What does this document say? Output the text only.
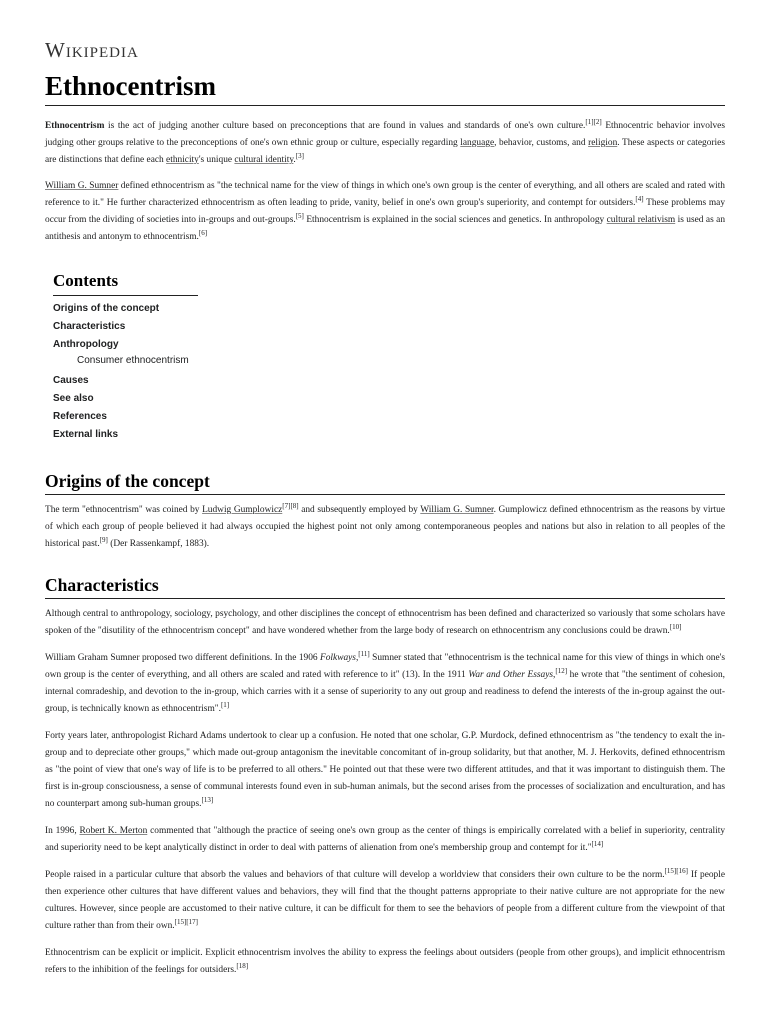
Wikipedia
Ethnocentrism

Ethnocentrism is the act of judging another culture based on preconceptions that are found in values and standards of one's own culture.[1][2] Ethnocentric behavior involves judging other groups relative to the preconceptions of one's own ethnic group or culture, especially regarding language, behavior, customs, and religion. These aspects or categories are distinctions that define each ethnicity's unique cultural identity.[3]

William G. Sumner defined ethnocentrism as "the technical name for the view of things in which one's own group is the center of everything, and all others are scaled and rated with reference to it." He further characterized ethnocentrism as often leading to pride, vanity, belief in one's own group's superiority, and contempt for outsiders.[4] These problems may occur from the dividing of societies into in-groups and out-groups.[5] Ethnocentrism is explained in the social sciences and genetics. In anthropology cultural relativism is used as an antithesis and antonym to ethnocentrism.[6]

Contents
Origins of the concept
Characteristics
Anthropology
Consumer ethnocentrism
Causes
See also
References
External links
Origins of the concept

The term "ethnocentrism" was coined by Ludwig Gumplowicz[7][8] and subsequently employed by William G. Sumner. Gumplowicz defined ethnocentrism as the reasons by virtue of which each group of people believed it had always occupied the highest point not only among contemporaneous peoples and nations but also in relation to all peoples of the historical past.[9] (Der Rassenkampf, 1883).

Characteristics

Although central to anthropology, sociology, psychology, and other disciplines the concept of ethnocentrism has been defined and characterized so variously that some scholars have spoken of the "disutility of the ethnocentrism concept" and have wondered whether from the large body of research on ethnocentrism any conclusions could be drawn.[10]

William Graham Sumner proposed two different definitions. In the 1906 Folkways,[11] Sumner stated that "ethnocentrism is the technical name for this view of things in which one's own group is the center of everything, and all others are scaled and rated with reference to it" (13). In the 1911 War and Other Essays,[12] he wrote that "the sentiment of cohesion, internal comradeship, and devotion to the in-group, which carries with it a sense of superiority to any out group and readiness to defend the interests of the in-group against the out-group, is technically known as ethnocentrism".[1]

Forty years later, anthropologist Richard Adams undertook to clear up a confusion. He noted that one scholar, G.P. Murdock, defined ethnocentrism as "the tendency to exalt the in-group and to depreciate other groups," which made out-group antagonism the inevitable concomitant of in-group solidarity, but that another, M. J. Herkovits, defined ethnocentrism as "the point of view that one's way of life is to be preferred to all others." He pointed out that these were two different attitudes, and that it was important to distinguish them. The first is in-group consciousness, a sense of communal interests found even in sub-human animals, but the second arises from the processes of socialization and enculturation, and has no counterpart among sub-human groups.[13]

In 1996, Robert K. Merton commented that "although the practice of seeing one's own group as the center of things is empirically correlated with a belief in superiority, centrality and superiority need to be kept analytically distinct in order to deal with patterns of alienation from one's membership group and contempt for it."[14]

People raised in a particular culture that absorb the values and behaviors of that culture will develop a worldview that considers their own culture to be the norm.[15][16] If people then experience other cultures that have different values and behaviors, they will find that the thought patterns appropriate to their native culture are not appropriate for the new cultures. However, since people are accustomed to their native culture, it can be difficult for them to see the behaviors of people from a different culture from the viewpoint of that culture rather than from their own.[15][17]

Ethnocentrism can be explicit or implicit. Explicit ethnocentrism involves the ability to express the feelings about outsiders (people from other groups), and implicit ethnocentrism refers to the inhibition of the feelings for outsiders.[18]
